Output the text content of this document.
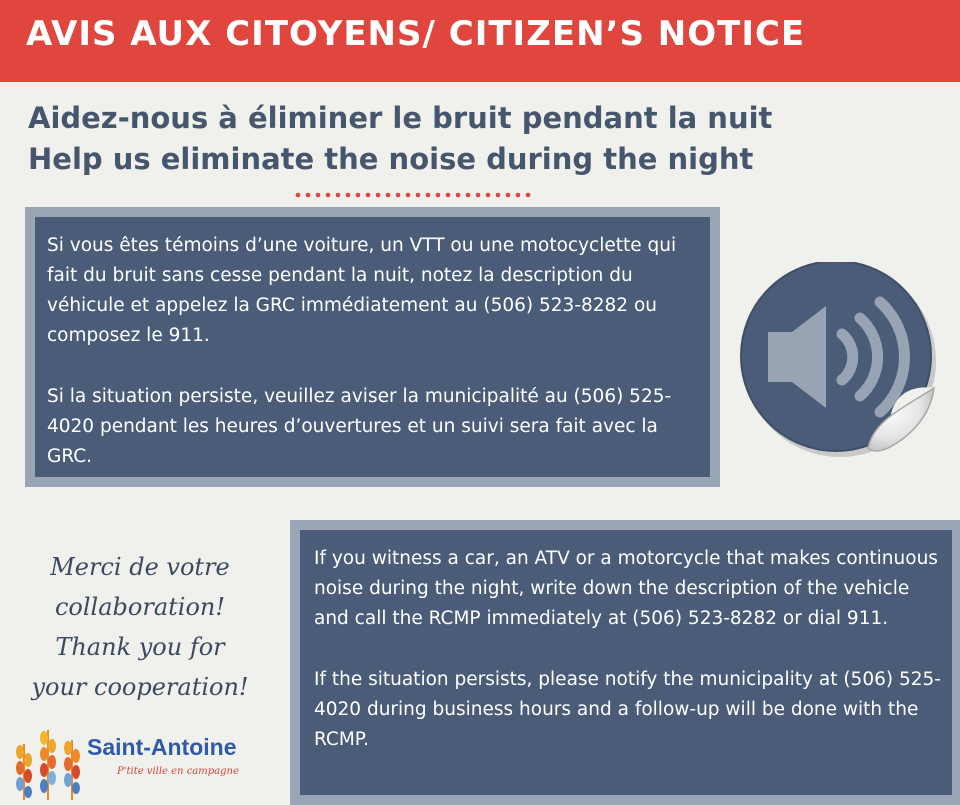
AVIS AUX CITOYENS/ CITIZEN’S NOTICE
Aidez-nous à éliminer le bruit pendant la nuit
Help us eliminate the noise during the night

Si vous êtes témoins d’une voiture, un VTT ou une motocyclette qui fait du bruit sans cesse pendant la nuit, notez la description du véhicule et appelez la GRC immédiatement au (506) 523-8282 ou composez le 911.

Si la situation persiste, veuillez aviser la municipalité au (506) 525-4020 pendant les heures d’ouvertures et un suivi sera fait avec la GRC.

Merci de votre
collaboration!
Thank you for
your cooperation!
Saint-Antoine
P'tite ville en campagne

If you witness a car, an ATV or a motorcycle that makes continuous noise during the night, write down the description of the vehicle and call the RCMP immediately at (506) 523-8282 or dial 911.

If the situation persists, please notify the municipality at (506) 525-4020 during business hours and a follow-up will be done with the RCMP.
